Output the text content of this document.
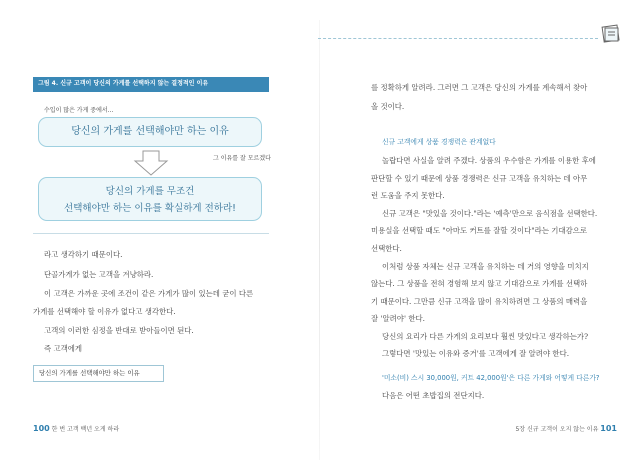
그림 4. 신규 고객이 당신의 가게를 선택하지 않는 결정적인 이유
수입이 많은 가게 중에서…
당신의 가게를 선택해야만 하는 이유
그 이유를 잘 모르겠다
당신의 가게를 무조건
선택해야만 하는 이유를 확실하게 전하라!
라고 생각하기 때문이다.
단골가게가 없는 고객을 겨냥하라.
이 고객은 가까운 곳에 조건이 같은 가게가 많이 있는데 굳이 다른
가게를 선택해야 할 이유가 없다고 생각한다.
고객의 이러한 심정을 반대로 받아들이면 된다.
즉 고객에게
당신의 가게를 선택해야만 하는 이유
100 한 번 고객 백년 오게 하라
를 정확하게 알려라. 그러면 그 고객은 당신의 가게를 계속해서 찾아
올 것이다.
신규 고객에게 상품 경쟁력은 관계없다
놀랍다면 사실을 알려 주겠다. 상품의 우수함은 가게를 이용한 후에
판단할 수 있기 때문에 상품 경쟁력은 신규 고객을 유치하는 데 아무
런 도움을 주지 못한다.
신규 고객은 "맛있을 것이다."라는 '예측'만으로 음식점을 선택한다.
미용실을 선택할 때도 "아마도 커트를 잘할 것이다"라는 기대감으로
선택한다.
이처럼 상품 자체는 신규 고객을 유치하는 데 거의 영향을 미치지
않는다. 그 상품을 전혀 경험해 보지 않고 기대감으로 가게를 선택하
기 때문이다. 그만큼 신규 고객을 많이 유치하려면 그 상품의 매력을
잘 '알려야' 한다.
당신의 요리가 다른 가게의 요리보다 훨씬 맛있다고 생각하는가?
그렇다면 '맛있는 이유와 증거'를 고객에게 잘 알려야 한다.
'미소(비) 스시 30,000원, 커트 42,000원'은 다른 가게와 어떻게 다른가?
다음은 어떤 초밥집의 전단지다.
5장 신규 고객이 오지 않는 이유 101
